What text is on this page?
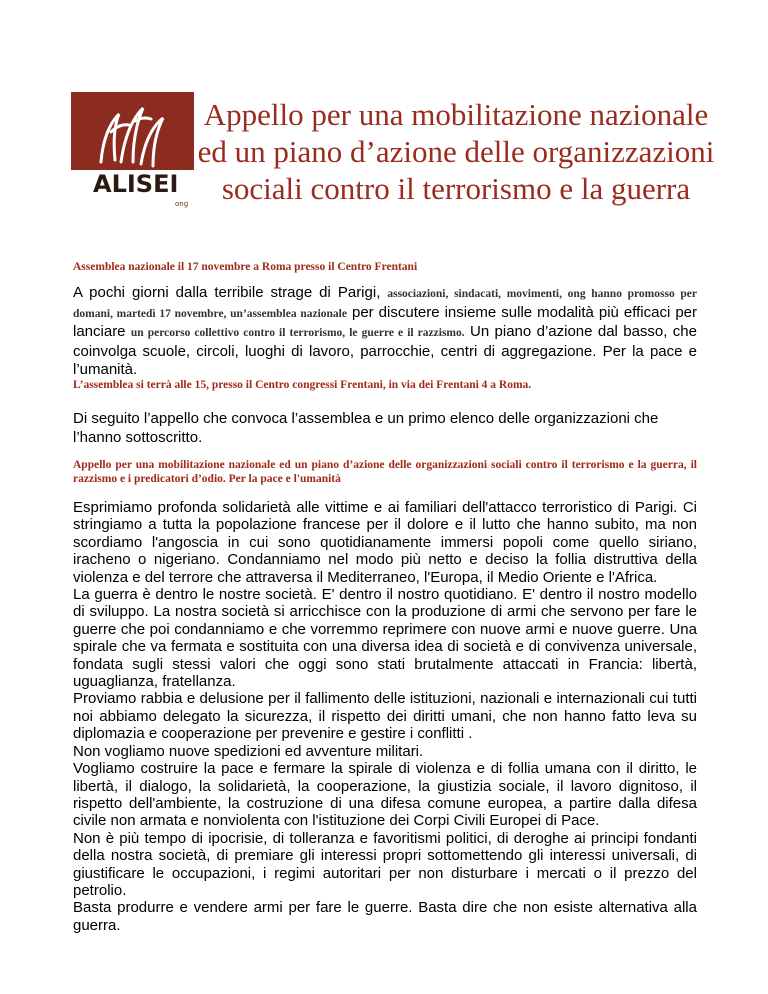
ALISEI
ong
Appello per una mobilitazione nazionale
ed un piano d’azione delle organizzazioni
sociali contro il terrorismo e la guerra
Assemblea nazionale il 17 novembre a Roma presso il Centro Frentani

A pochi giorni dalla terribile strage di Parigi, associazioni, sindacati, movimenti, ong hanno promosso per domani, martedì 17 novembre, un’assemblea nazionale per discutere insieme sulle modalità più efficaci per lanciare un percorso collettivo contro il terrorismo, le guerre e il razzismo. Un piano d’azione dal basso, che coinvolga scuole, circoli, luoghi di lavoro, parrocchie, centri di aggregazione. Per la pace e l’umanità.

L’assemblea si terrà alle 15, presso il Centro congressi Frentani, in via dei Frentani 4 a Roma.

Di seguito l’appello che convoca l’assemblea e un primo elenco delle organizzazioni che l’hanno sottoscritto.

Appello per una mobilitazione nazionale ed un piano d’azione delle organizzazioni sociali contro il terrorismo e la guerra, il razzismo e i predicatori d’odio. Per la pace e l'umanità

Esprimiamo profonda solidarietà alle vittime e ai familiari dell'attacco terroristico di Parigi. Ci stringiamo a tutta la popolazione francese per il dolore e il lutto che hanno subito, ma non scordiamo l'angoscia in cui sono quotidianamente immersi popoli come quello siriano, iracheno o nigeriano. Condanniamo nel modo più netto e deciso la follia distruttiva della violenza e del terrore che attraversa il Mediterraneo, l'Europa, il Medio Oriente e l'Africa.

La guerra è dentro le nostre società. E' dentro il nostro quotidiano. E' dentro il nostro modello di sviluppo. La nostra società si arricchisce con la produzione di armi che servono per fare le guerre che poi condanniamo e che vorremmo reprimere con nuove armi e nuove guerre. Una spirale che va fermata e sostituita con una diversa idea di società e di convivenza universale, fondata sugli stessi valori che oggi sono stati brutalmente attaccati in Francia: libertà, uguaglianza, fratellanza.

Proviamo rabbia e delusione per il fallimento delle istituzioni, nazionali e internazionali cui tutti noi abbiamo delegato la sicurezza, il rispetto dei diritti umani, che non hanno fatto leva su diplomazia e cooperazione per prevenire e gestire i conflitti .

Non vogliamo nuove spedizioni ed avventure militari.

Vogliamo costruire la pace e fermare la spirale di violenza e di follia umana con il diritto, le libertà, il dialogo, la solidarietà, la cooperazione, la giustizia sociale, il lavoro dignitoso, il rispetto dell'ambiente, la costruzione di una difesa comune europea, a partire dalla difesa civile non armata e nonviolenta con l'istituzione dei Corpi Civili Europei di Pace.

Non è più tempo di ipocrisie, di tolleranza e favoritismi politici, di deroghe ai principi fondanti della nostra società, di premiare gli interessi propri sottomettendo gli interessi universali, di giustificare le occupazioni, i regimi autoritari per non disturbare i mercati o il prezzo del petrolio.

Basta produrre e vendere armi per fare le guerre. Basta dire che non esiste alternativa alla guerra.
